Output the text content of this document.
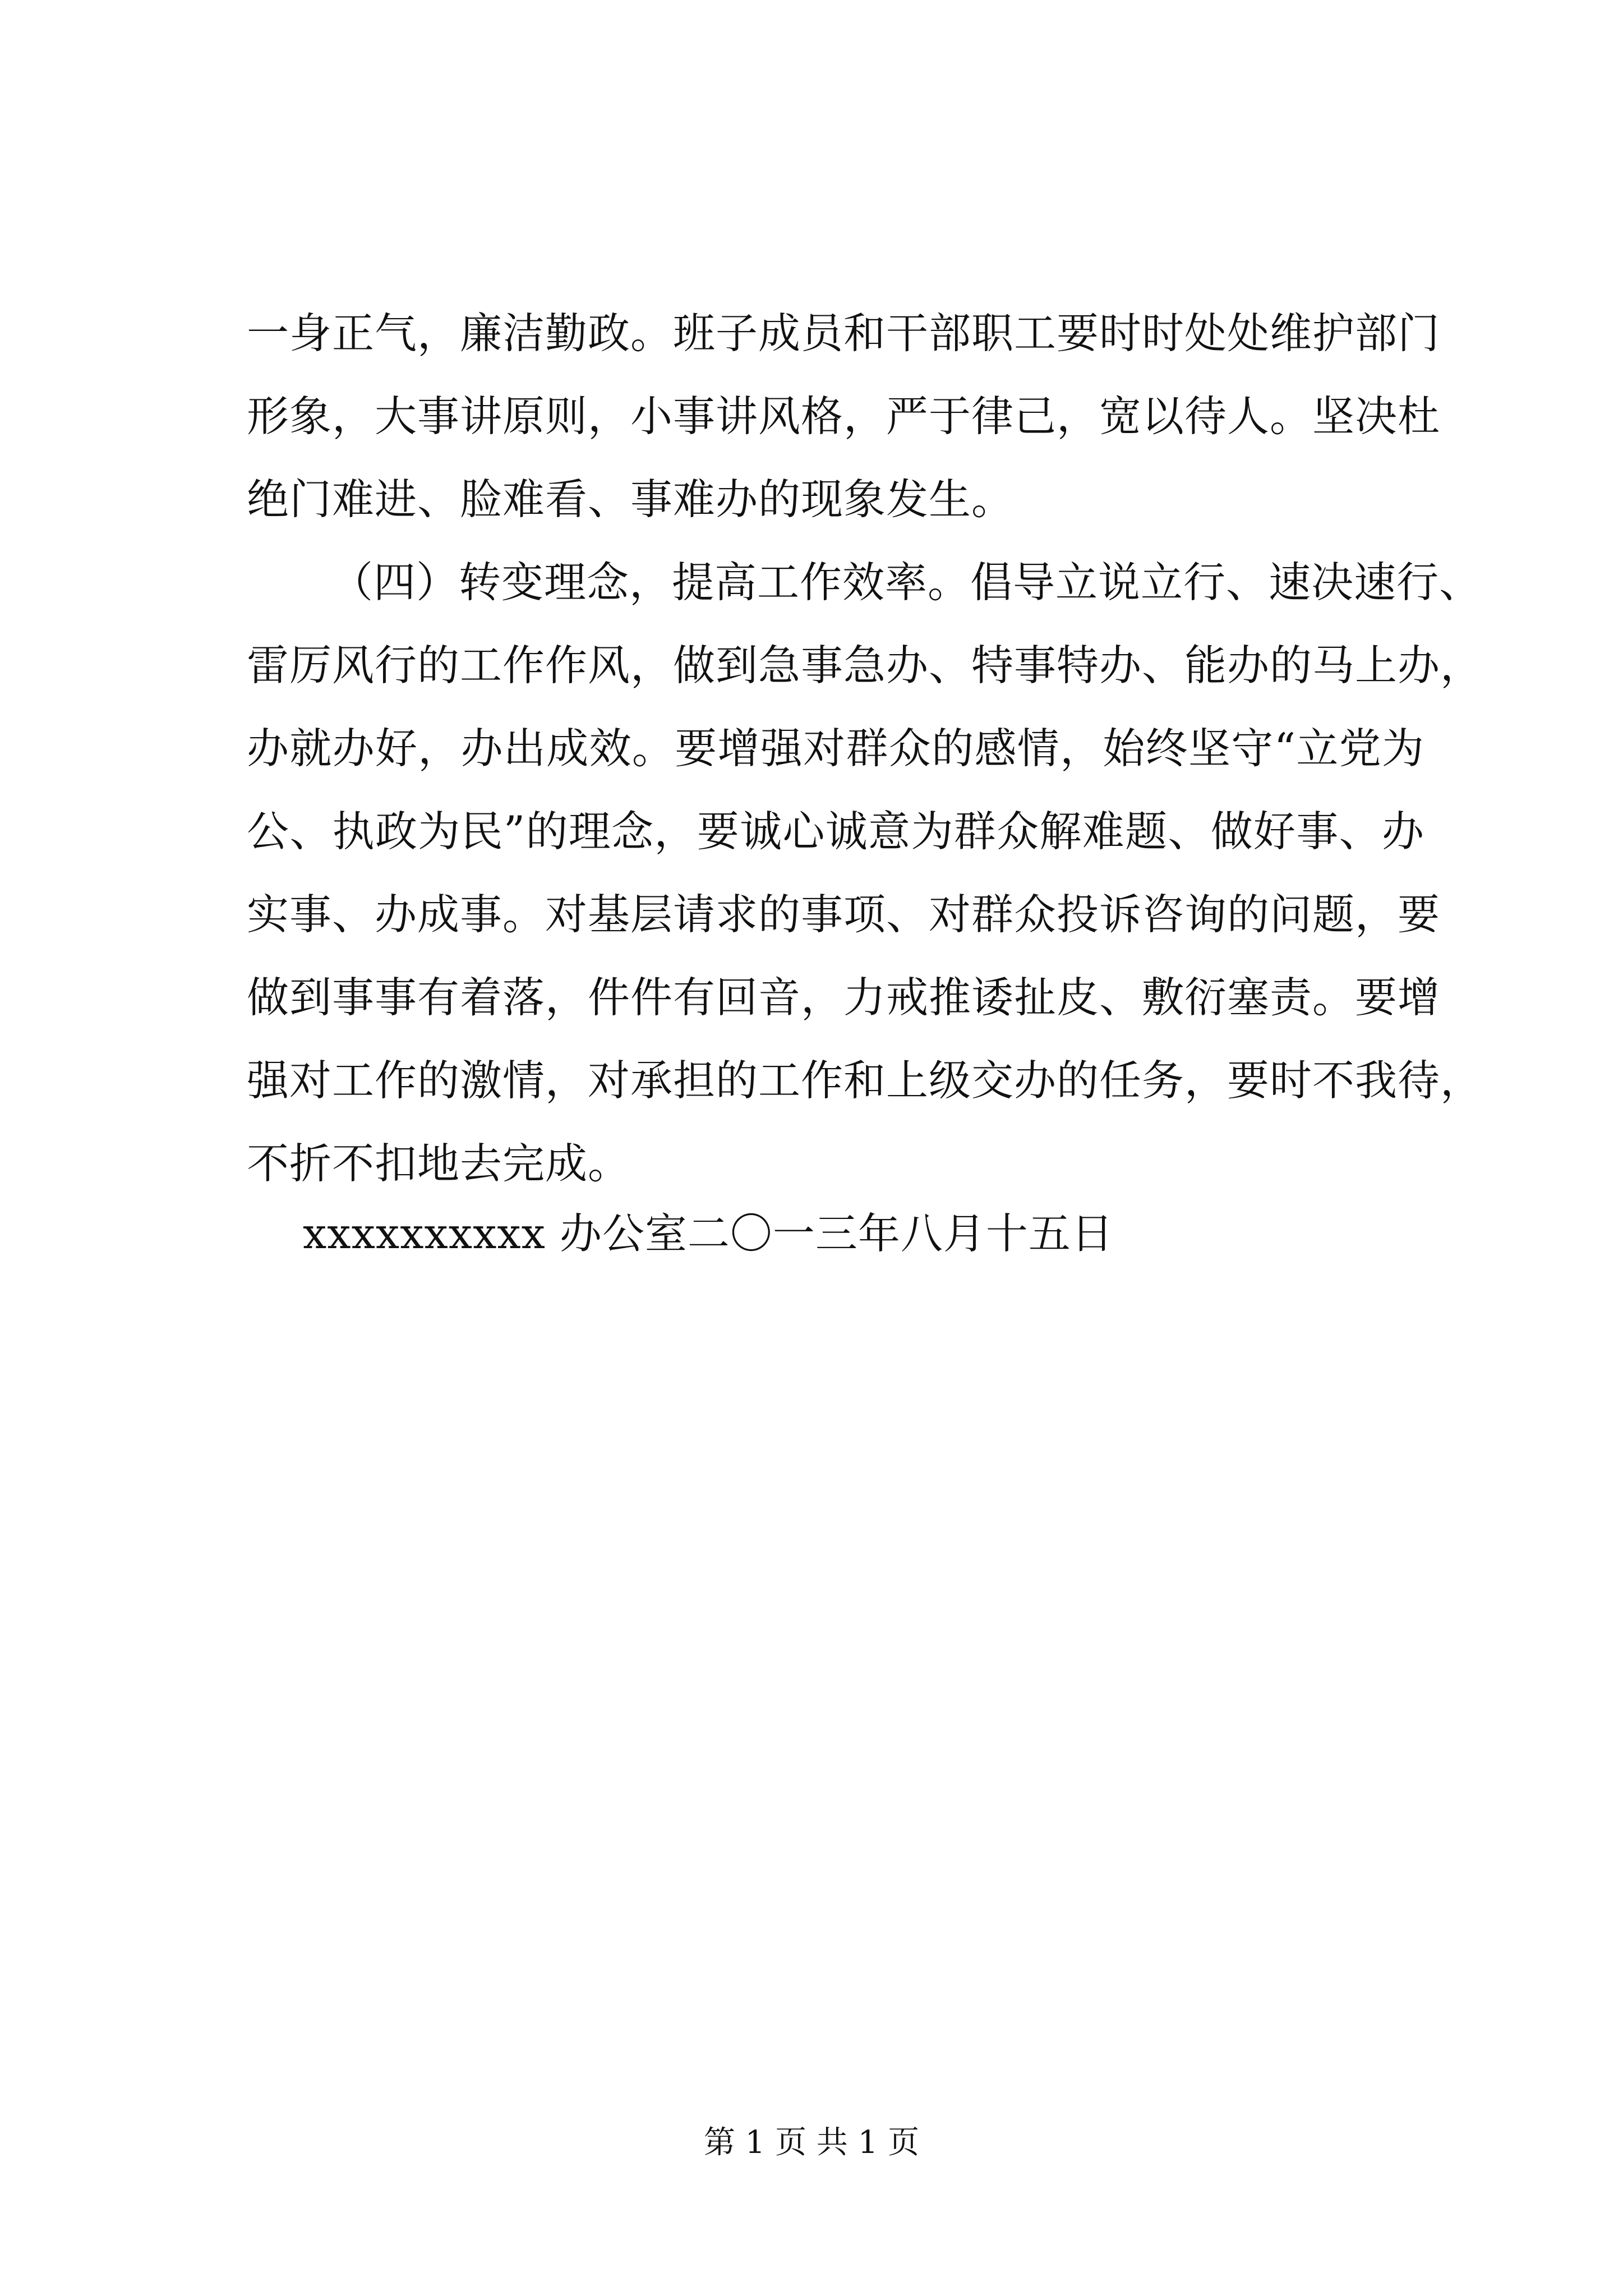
一身正气，廉洁勤政。班子成员和干部职工要时时处处维护部门
形象，大事讲原则，小事讲风格，严于律己，宽以待人。坚决杜
绝门难进、脸难看、事难办的现象发生。

（四）转变理念，提高工作效率。倡导立说立行、速决速行、
雷厉风行的工作作风，做到急事急办、特事特办、能办的马上办，
办就办好，办出成效。要增强对群众的感情，始终坚守“立党为
公、执政为民”的理念，要诚心诚意为群众解难题、做好事、办
实事、办成事。对基层请求的事项、对群众投诉咨询的问题，要
做到事事有着落，件件有回音，力戒推诿扯皮、敷衍塞责。要增
强对工作的激情，对承担的工作和上级交办的任务，要时不我待，
不折不扣地去完成。

xxxxxxxxxx 办公室二〇一三年八月十五日
第 1 页 共 1 页
